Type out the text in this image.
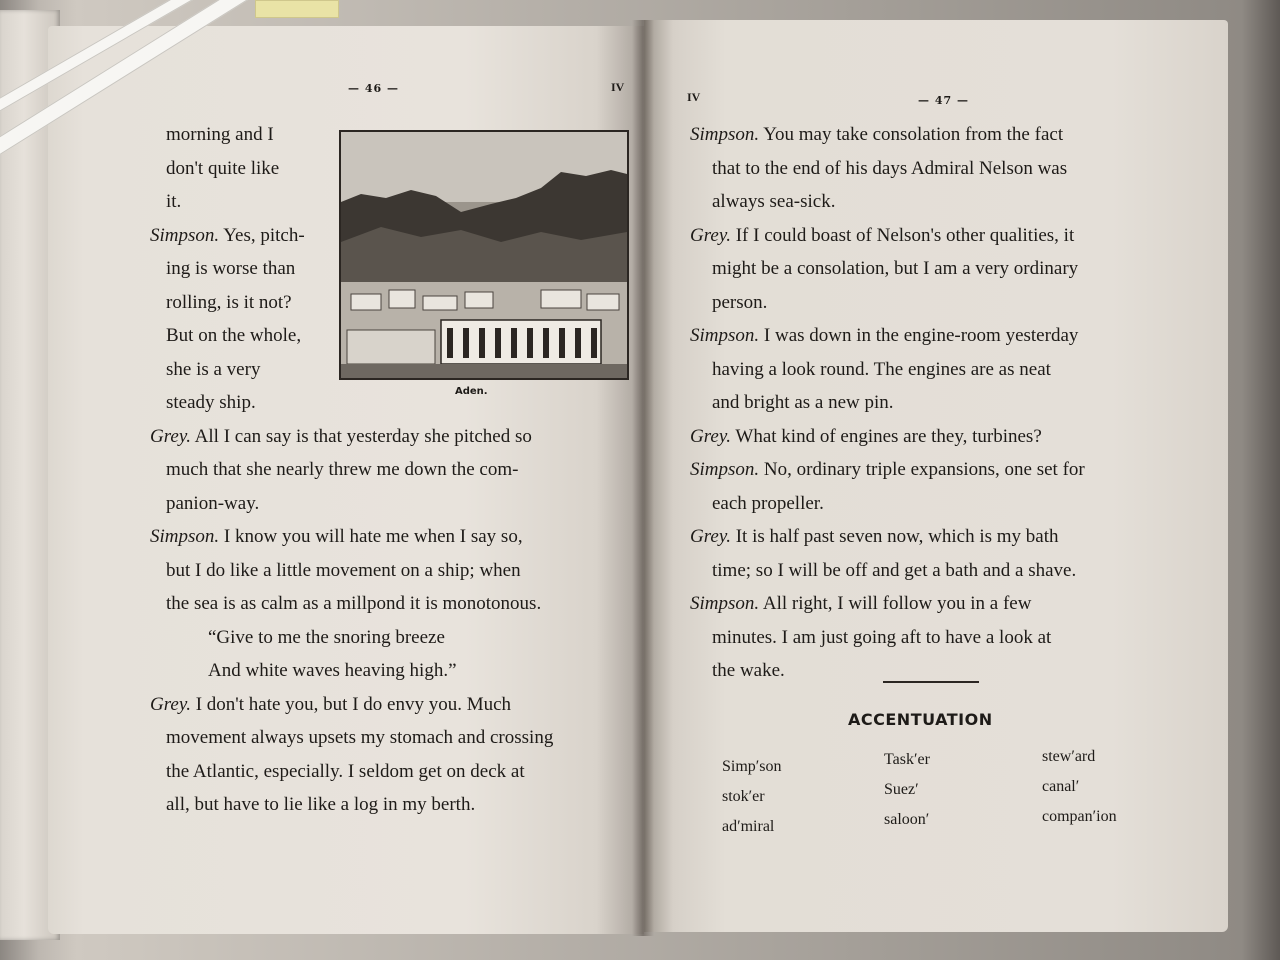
— 46 —	IV
Aden.
morning and I
don't quite like
it.
Simpson. Yes, pitch-
ing is worse than
rolling, is it not?
But on the whole,
she is a very
steady ship.
Grey. All I can say is that yesterday she pitched so
much that she nearly threw me down the com-
panion-way.
Simpson. I know you will hate me when I say so,
but I do like a little movement on a ship; when
the sea is as calm as a millpond it is monotonous.
“Give to me the snoring breeze
And white waves heaving high.”
Grey. I don't hate you, but I do envy you. Much
movement always upsets my stomach and crossing
the Atlantic, especially. I seldom get on deck at
all, but have to lie like a log in my berth.
IV	— 47 —
Simpson. You may take consolation from the fact
that to the end of his days Admiral Nelson was
always sea-sick.
Grey. If I could boast of Nelson's other qualities, it
might be a consolation, but I am a very ordinary
person.
Simpson. I was down in the engine-room yesterday
having a look round. The engines are as neat
and bright as a new pin.
Grey. What kind of engines are they, turbines?
Simpson. No, ordinary triple expansions, one set for
each propeller.
Grey. It is half past seven now, which is my bath
time; so I will be off and get a bath and a shave.
Simpson. All right, I will follow you in a few
minutes. I am just going aft to have a look at
the wake.
ACCENTUATION
Simp′son
stok′er
ad′miral
Task′er
Suez′
saloon′
stew′ard
canal′
compan′ion
